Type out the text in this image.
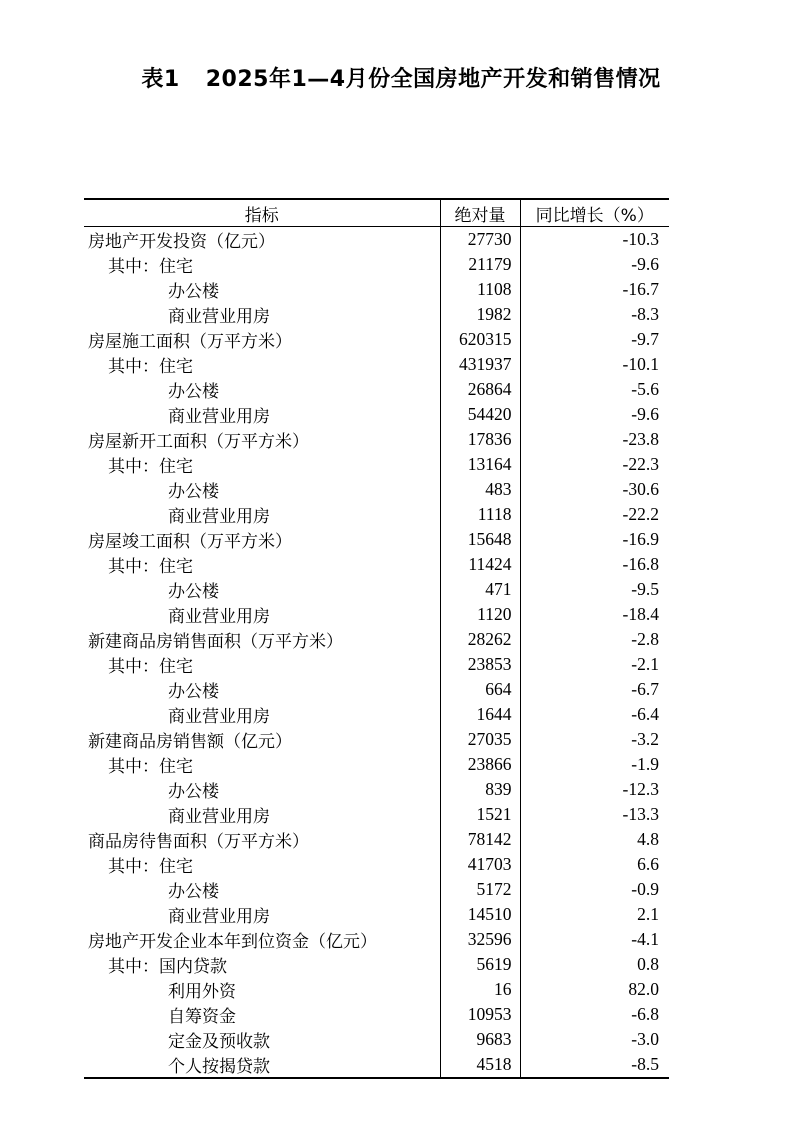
表1 2025年1—4月份全国房地产开发和销售情况
指标	绝对量	同比增长（%）
房地产开发投资（亿元）	27730	-10.3
其中：住宅	21179	-9.6
办公楼	1108	-16.7
商业营业用房	1982	-8.3
房屋施工面积（万平方米）	620315	-9.7
其中：住宅	431937	-10.1
办公楼	26864	-5.6
商业营业用房	54420	-9.6
房屋新开工面积（万平方米）	17836	-23.8
其中：住宅	13164	-22.3
办公楼	483	-30.6
商业营业用房	1118	-22.2
房屋竣工面积（万平方米）	15648	-16.9
其中：住宅	11424	-16.8
办公楼	471	-9.5
商业营业用房	1120	-18.4
新建商品房销售面积（万平方米）	28262	-2.8
其中：住宅	23853	-2.1
办公楼	664	-6.7
商业营业用房	1644	-6.4
新建商品房销售额（亿元）	27035	-3.2
其中：住宅	23866	-1.9
办公楼	839	-12.3
商业营业用房	1521	-13.3
商品房待售面积（万平方米）	78142	4.8
其中：住宅	41703	6.6
办公楼	5172	-0.9
商业营业用房	14510	2.1
房地产开发企业本年到位资金（亿元）	32596	-4.1
其中：国内贷款	5619	0.8
利用外资	16	82.0
自筹资金	10953	-6.8
定金及预收款	9683	-3.0
个人按揭贷款	4518	-8.5
